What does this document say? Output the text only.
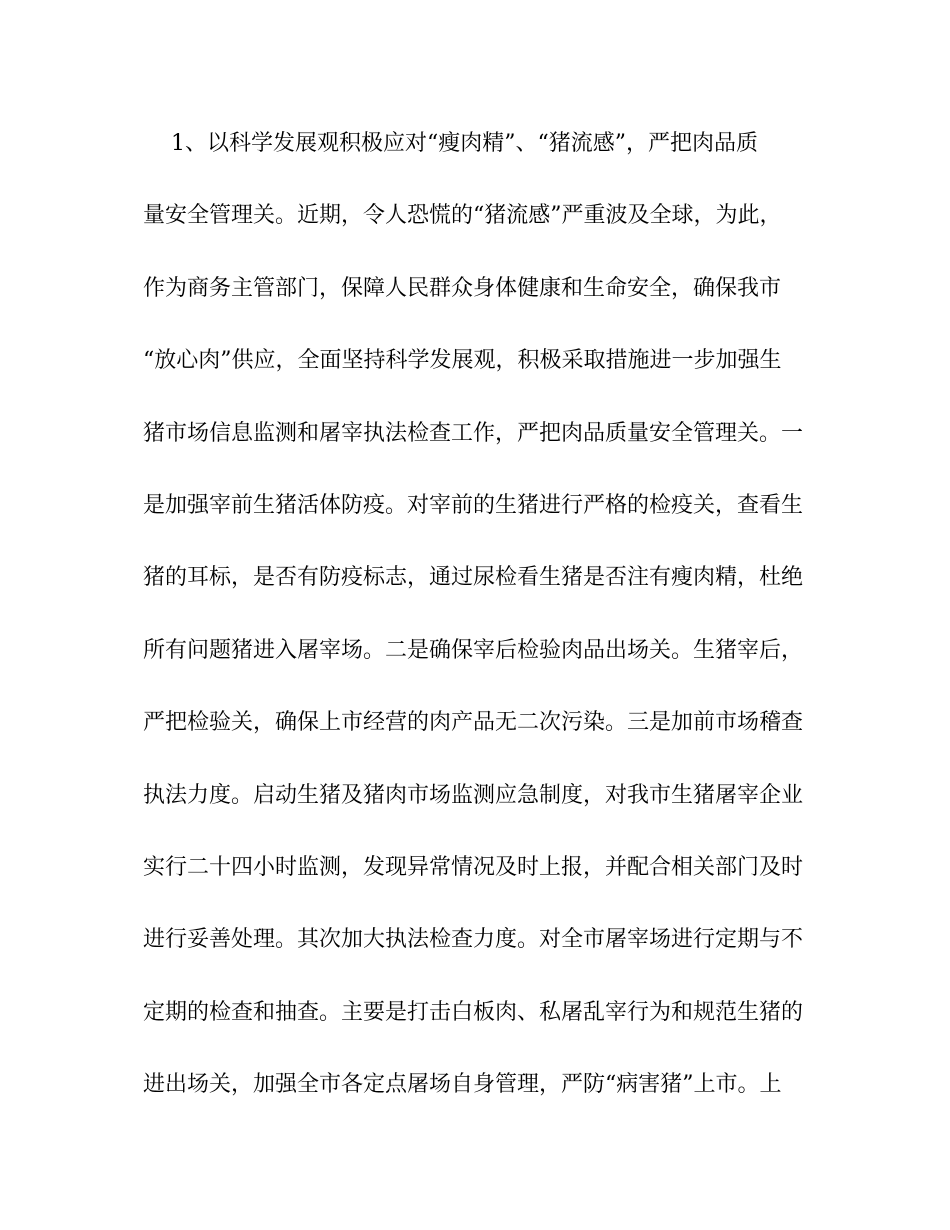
1、以科学发展观积极应对“瘦肉精”、“猪流感”，严把肉品质
量安全管理关。近期，令人恐慌的“猪流感”严重波及全球，为此，
作为商务主管部门，保障人民群众身体健康和生命安全，确保我市
“放心肉”供应，全面坚持科学发展观，积极采取措施进一步加强生
猪市场信息监测和屠宰执法检查工作，严把肉品质量安全管理关。一
是加强宰前生猪活体防疫。对宰前的生猪进行严格的检疫关，查看生
猪的耳标，是否有防疫标志，通过尿检看生猪是否注有瘦肉精，杜绝
所有问题猪进入屠宰场。二是确保宰后检验肉品出场关。生猪宰后，
严把检验关，确保上市经营的肉产品无二次污染。三是加前市场稽查
执法力度。启动生猪及猪肉市场监测应急制度，对我市生猪屠宰企业
实行二十四小时监测，发现异常情况及时上报，并配合相关部门及时
进行妥善处理。其次加大执法检查力度。对全市屠宰场进行定期与不
定期的检查和抽查。主要是打击白板肉、私屠乱宰行为和规范生猪的
进出场关，加强全市各定点屠场自身管理，严防“病害猪”上市。上
